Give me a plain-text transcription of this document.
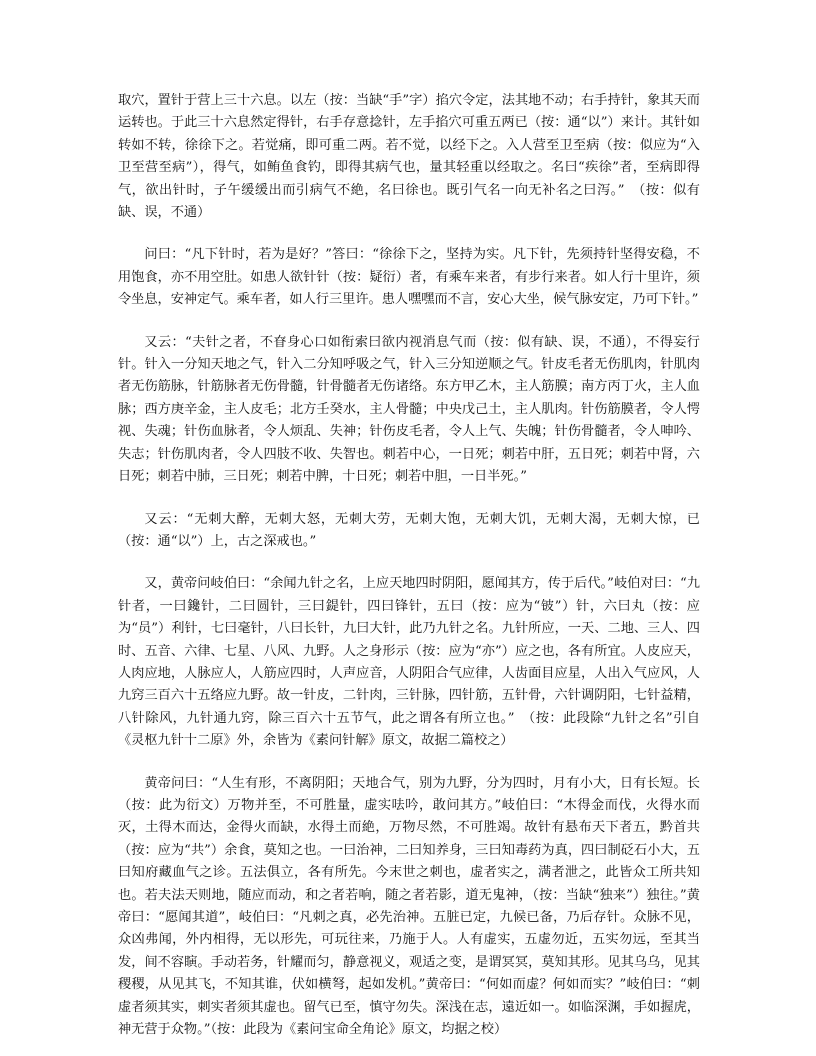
取穴，置针于营上三十六息。以左（按：当缺“手”字）掐穴令定，法其地不动；右手持针，象其天而运转也。于此三十六息然定得针，右手存意捻针，左手掐穴可重五两已（按：通“以”）来计。其针如转如不转，徐徐下之。若觉痛，即可重二两。若不觉，以经下之。入人营至卫至病（按：似应为“入卫至营至病”），得气，如鲔鱼食钓，即得其病气也，量其轻重以经取之。名曰“疾徐”者，至病即得气，欲出针时，子午缓缓出而引病气不絶，名曰徐也。既引气名一向无补名之曰泻。”　（按：似有缺、误，不通）

问曰：“凡下针时，若为是好？”答曰：“徐徐下之，坚持为实。凡下针，先须持针坚得安稳，不用饱食，亦不用空肚。如患人欲针针（按：疑衍）者，有乘车来者，有步行来者。如人行十里许，须令坐息，安神定气。乘车者，如人行三里许。患人嘿嘿而不言，安心大坐，候气脉安定，乃可下针。”

又云：“夫针之者，不眘身心口如衔索曰欲内视消息气而（按：似有缺、误，不通），不得妄行针。针入一分知天地之气，针入二分知呼吸之气，针入三分知逆顺之气。针皮毛者无伤肌肉，针肌肉者无伤筋脉，针筋脉者无伤骨髓，针骨髓者无伤诸络。东方甲乙木，主人筋膜；南方丙丁火，主人血脉；西方庚辛金，主人皮毛；北方壬癸水，主人骨髓；中央戊己土，主人肌肉。针伤筋膜者，令人愕视、失魂；针伤血脉者，令人烦乱、失神；针伤皮毛者，令人上气、失魄；针伤骨髓者，令人呻吟、失志；针伤肌肉者，令人四肢不收、失智也。刺若中心，一日死；刺若中肝，五日死；刺若中肾，六日死；刺若中肺，三日死；刺若中脾，十日死；刺若中胆，一日半死。”

又云：“无刺大醉，无刺大怒，无刺大劳，无刺大饱，无刺大饥，无刺大渴，无刺大惊，已（按：通“以”）上，古之深戒也。”

又，黄帝问岐伯曰：“余闻九针之名，上应天地四时阴阳，愿闻其方，传于后代。”岐伯对曰：“九针者，一曰鑱针，二曰圆针，三曰鍉针，四曰锋针，五曰（按：应为“铍”）针，六曰丸（按：应为“员”）利针，七曰毫针，八曰长针，九曰大针，此乃九针之名。九针所应，一天、二地、三人、四时、五音、六律、七星、八风、九野。人之身形示（按：应为“亦”）应之也，各有所宜。人皮应天，人肉应地，人脉应人，人筋应四时，人声应音，人阴阳合气应律，人齿面目应星，人出入气应风，人九窍三百六十五络应九野。故一针皮，二针肉，三针脉，四针筋，五针骨，六针调阴阳，七针益精，八针除风，九针通九窍，除三百六十五节气，此之谓各有所立也。”　（按：此段除“九针之名”引自《灵枢九针十二原》外，余皆为《素问针解》原文，故据二篇校之）

黄帝问曰：“人生有形，不离阴阳；天地合气，别为九野，分为四时，月有小大，日有长短。长（按：此为衍文）万物并至，不可胜量，虚实呿吟，敢问其方。”岐伯曰：“木得金而伐，火得水而灭，土得木而达，金得火而缺，水得土而絶，万物尽然，不可胜竭。故针有悬布天下者五，黔首共（按：应为“共”）余食，莫知之也。一曰治神，二曰知养身，三曰知毒药为真，四曰制砭石小大，五曰知府藏血气之诊。五法俱立，各有所先。今末世之刺也，虚者实之，满者泄之，此皆众工所共知也。若夫法天则地，随应而动，和之者若响，随之者若影，道无鬼神，（按：当缺“独来”）独往。”黄帝曰：“愿闻其道”，岐伯曰：“凡刺之真，必先治神。五脏已定，九候已备，乃后存针。众脉不见，众凶弗闻，外内相得，无以形先，可玩往来，乃施于人。人有虚实，五虚勿近，五实勿远，至其当发，间不容瞚。手动若务，针耀而匀，静意视义，观适之变，是谓冥冥，莫知其形。见其乌乌，见其稷稷，从见其飞，不知其谁，伏如横弩，起如发机。”黄帝曰：“何如而虚？何如而实？”岐伯曰：“刺虚者须其实，刺实者须其虚也。留气已至，慎守勿失。深浅在志，遠近如一。如临深渊，手如握虎，神无营于众物。”（按：此段为《素问宝命全角论》原文，均据之校）
